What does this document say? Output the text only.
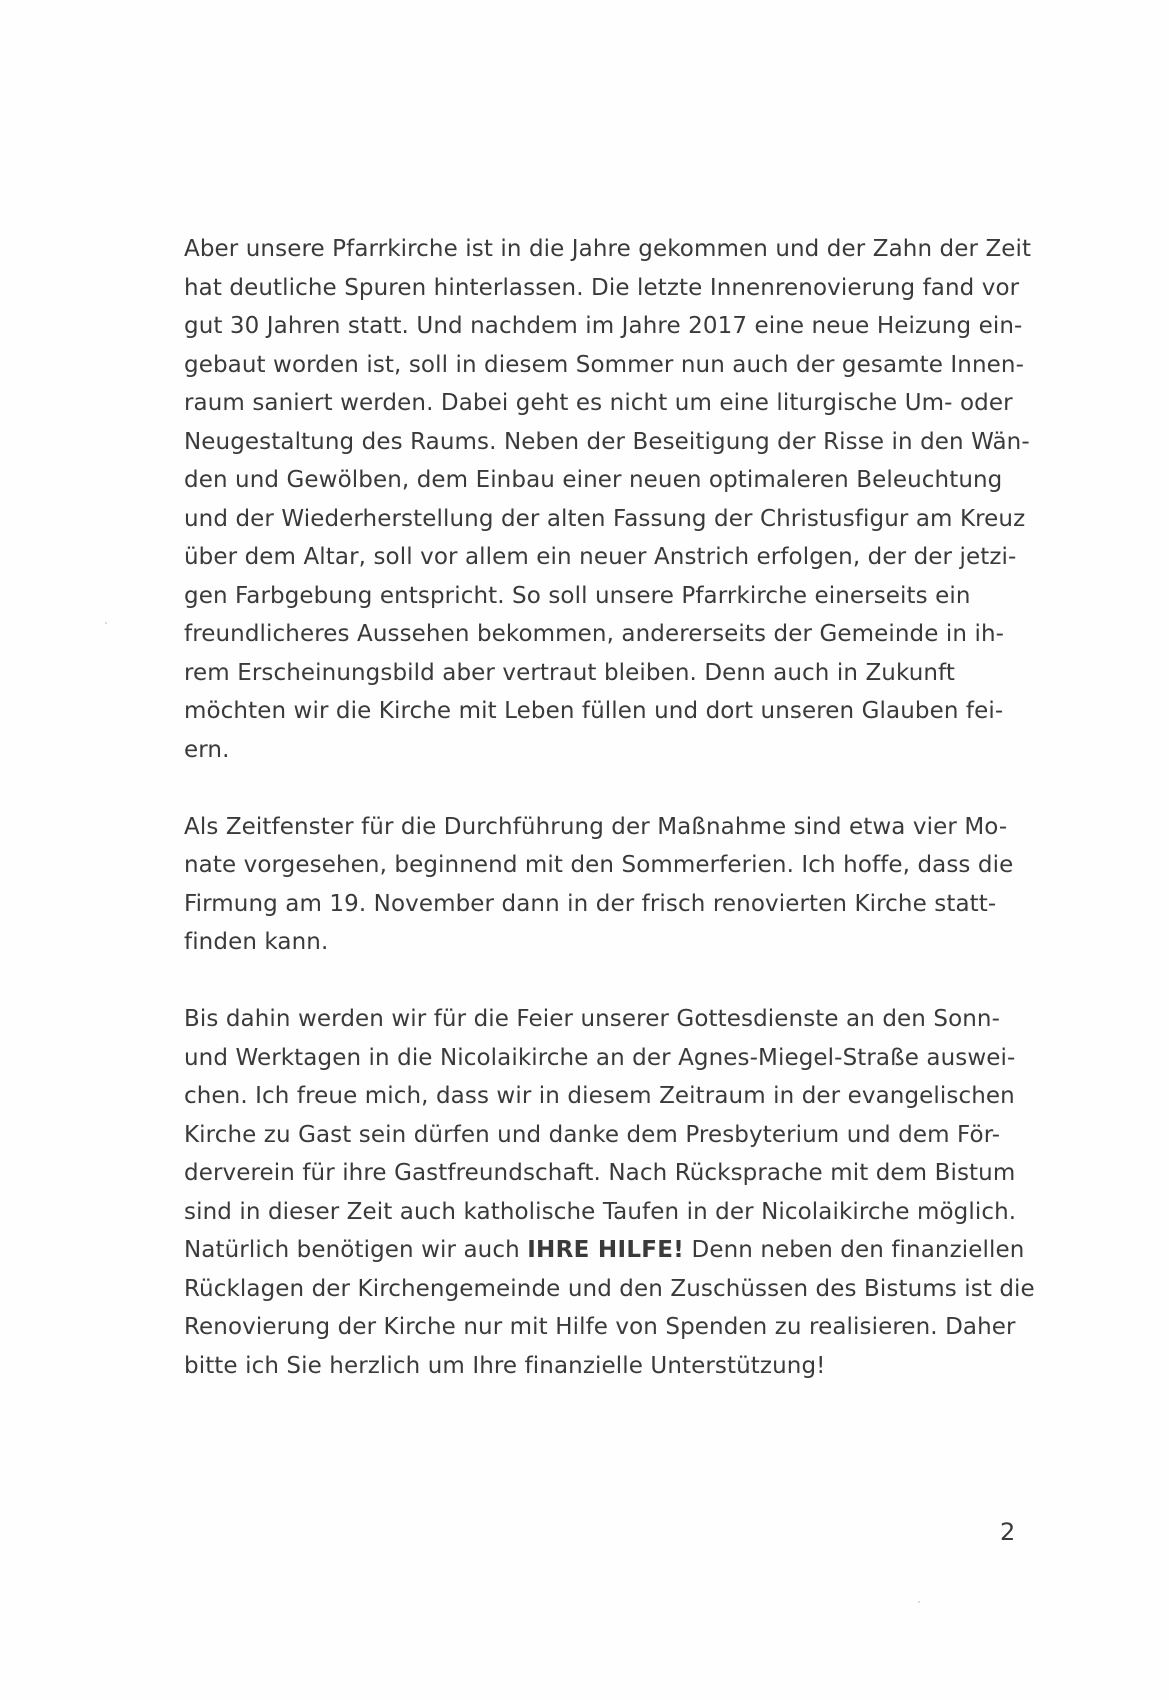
Aber unsere Pfarrkirche ist in die Jahre gekommen und der Zahn der Zeit
hat deutliche Spuren hinterlassen. Die letzte Innenrenovierung fand vor
gut 30 Jahren statt. Und nachdem im Jahre 2017 eine neue Heizung ein-
gebaut worden ist, soll in diesem Sommer nun auch der gesamte Innen-
raum saniert werden. Dabei geht es nicht um eine liturgische Um- oder
Neugestaltung des Raums. Neben der Beseitigung der Risse in den Wän-
den und Gewölben, dem Einbau einer neuen optimaleren Beleuchtung
und der Wiederherstellung der alten Fassung der Christusfigur am Kreuz
über dem Altar, soll vor allem ein neuer Anstrich erfolgen, der der jetzi-
gen Farbgebung entspricht. So soll unsere Pfarrkirche einerseits ein
freundlicheres Aussehen bekommen, andererseits der Gemeinde in ih-
rem Erscheinungsbild aber vertraut bleiben. Denn auch in Zukunft
möchten wir die Kirche mit Leben füllen und dort unseren Glauben fei-
ern.

Als Zeitfenster für die Durchführung der Maßnahme sind etwa vier Mo-
nate vorgesehen, beginnend mit den Sommerferien. Ich hoffe, dass die
Firmung am 19. November dann in der frisch renovierten Kirche statt-
finden kann.

Bis dahin werden wir für die Feier unserer Gottesdienste an den Sonn-
und Werktagen in die Nicolaikirche an der Agnes-Miegel-Straße auswei-
chen. Ich freue mich, dass wir in diesem Zeitraum in der evangelischen
Kirche zu Gast sein dürfen und danke dem Presbyterium und dem För-
derverein für ihre Gastfreundschaft. Nach Rücksprache mit dem Bistum
sind in dieser Zeit auch katholische Taufen in der Nicolaikirche möglich.
Natürlich benötigen wir auch IHRE HILFE! Denn neben den finanziellen
Rücklagen der Kirchengemeinde und den Zuschüssen des Bistums ist die
Renovierung der Kirche nur mit Hilfe von Spenden zu realisieren. Daher
bitte ich Sie herzlich um Ihre finanzielle Unterstützung!

2
